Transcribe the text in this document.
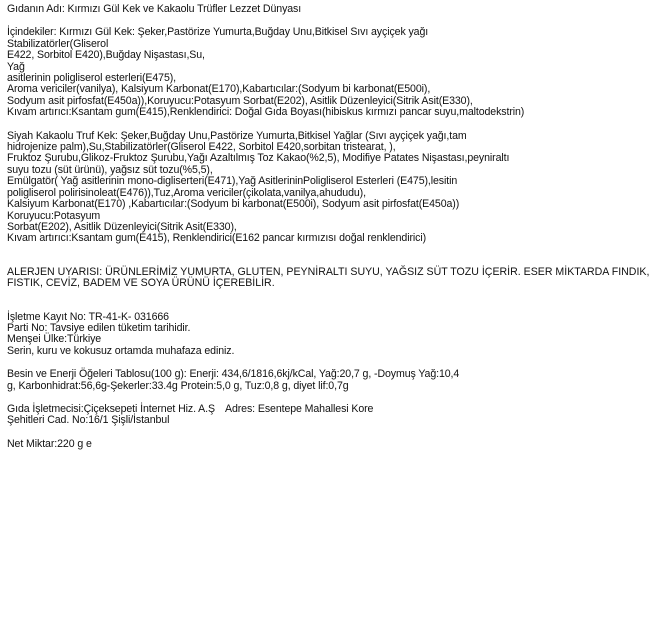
Gıdanın Adı: Kırmızı Gül Kek ve Kakaolu Trüfler Lezzet Dünyası
İçindekiler: Kırmızı Gül Kek: Şeker,Pastörize Yumurta,Buğday Unu,Bitkisel Sıvı ayçiçek yağı
Stabilizatörler(Gliserol
E422, Sorbitol E420),Buğday Nişastası,Su,
Yağ
asitlerinin poligliserol esterleri(E475),
Aroma vericiler(vanilya), Kalsiyum Karbonat(E170),Kabartıcılar:(Sodyum bi karbonat(E500i),
Sodyum asit pirfosfat(E450a)),Koruyucu:Potasyum Sorbat(E202), Asitlik Düzenleyici(Sitrik Asit(E330),
Kıvam artırıcı:Ksantam gum(E415),Renklendirici: Doğal Gıda Boyası(hibiskus kırmızı pancar suyu,maltodekstrin)
Siyah Kakaolu Truf Kek: Şeker,Buğday Unu,Pastörize Yumurta,Bitkisel Yağlar (Sıvı ayçiçek yağı,tam
hidrojenize palm),Su,Stabilizatörler(Gliserol E422, Sorbitol E420,sorbitan tristearat, ),
Fruktoz Şurubu,Glikoz-Fruktoz Şurubu,Yağı Azaltılmış Toz Kakao(%2,5), Modifiye Patates Nişastası,peyniraltı
suyu tozu (süt ürünü), yağsız süt tozu(%5,5),
Emülgatör( Yağ asitlerinin mono-digliserteri(E471),Yağ AsitlerininPoligliserol Esterleri (E475),lesitin
poligliserol polirisinoleat(E476)),Tuz,Aroma vericiler(çikolata,vanilya,ahududu),
Kalsiyum Karbonat(E170) ,Kabartıcılar:(Sodyum bi karbonat(E500i), Sodyum asit pirfosfat(E450a))
Koruyucu:Potasyum
Sorbat(E202), Asitlik Düzenleyici(Sitrik Asit(E330),
Kıvam artırıcı:Ksantam gum(E415), Renklendirici(E162 pancar kırmızısı doğal renklendirici)
ALERJEN UYARISI: ÜRÜNLERİMİZ YUMURTA, GLUTEN, PEYNİRALTI SUYU, YAĞSIZ SÜT TOZU İÇERİR. ESER MİKTARDA FINDIK,
FISTIK, CEVİZ, BADEM VE SOYA ÜRÜNÜ İÇEREBİLİR.
İşletme Kayıt No: TR-41-K- 031666
Parti No: Tavsiye edilen tüketim tarihidir.
Menşei Ülke:Türkiye
Serin, kuru ve kokusuz ortamda muhafaza ediniz.
Besin ve Enerji Öğeleri Tablosu(100 g): Enerji: 434,6/1816,6kj/kCal, Yağ:20,7 g, -Doymuş Yağ:10,4
g, Karbonhidrat:56,6g-Şekerler:33.4g Protein:5,0 g, Tuz:0,8 g, diyet lif:0,7g
Gıda İşletmecisi:Çiçeksepeti İnternet Hiz. A.Ş Adres: Esentepe Mahallesi Kore
Şehitleri Cad. No:16/1 Şişli/İstanbul
Net Miktar:220 g e
